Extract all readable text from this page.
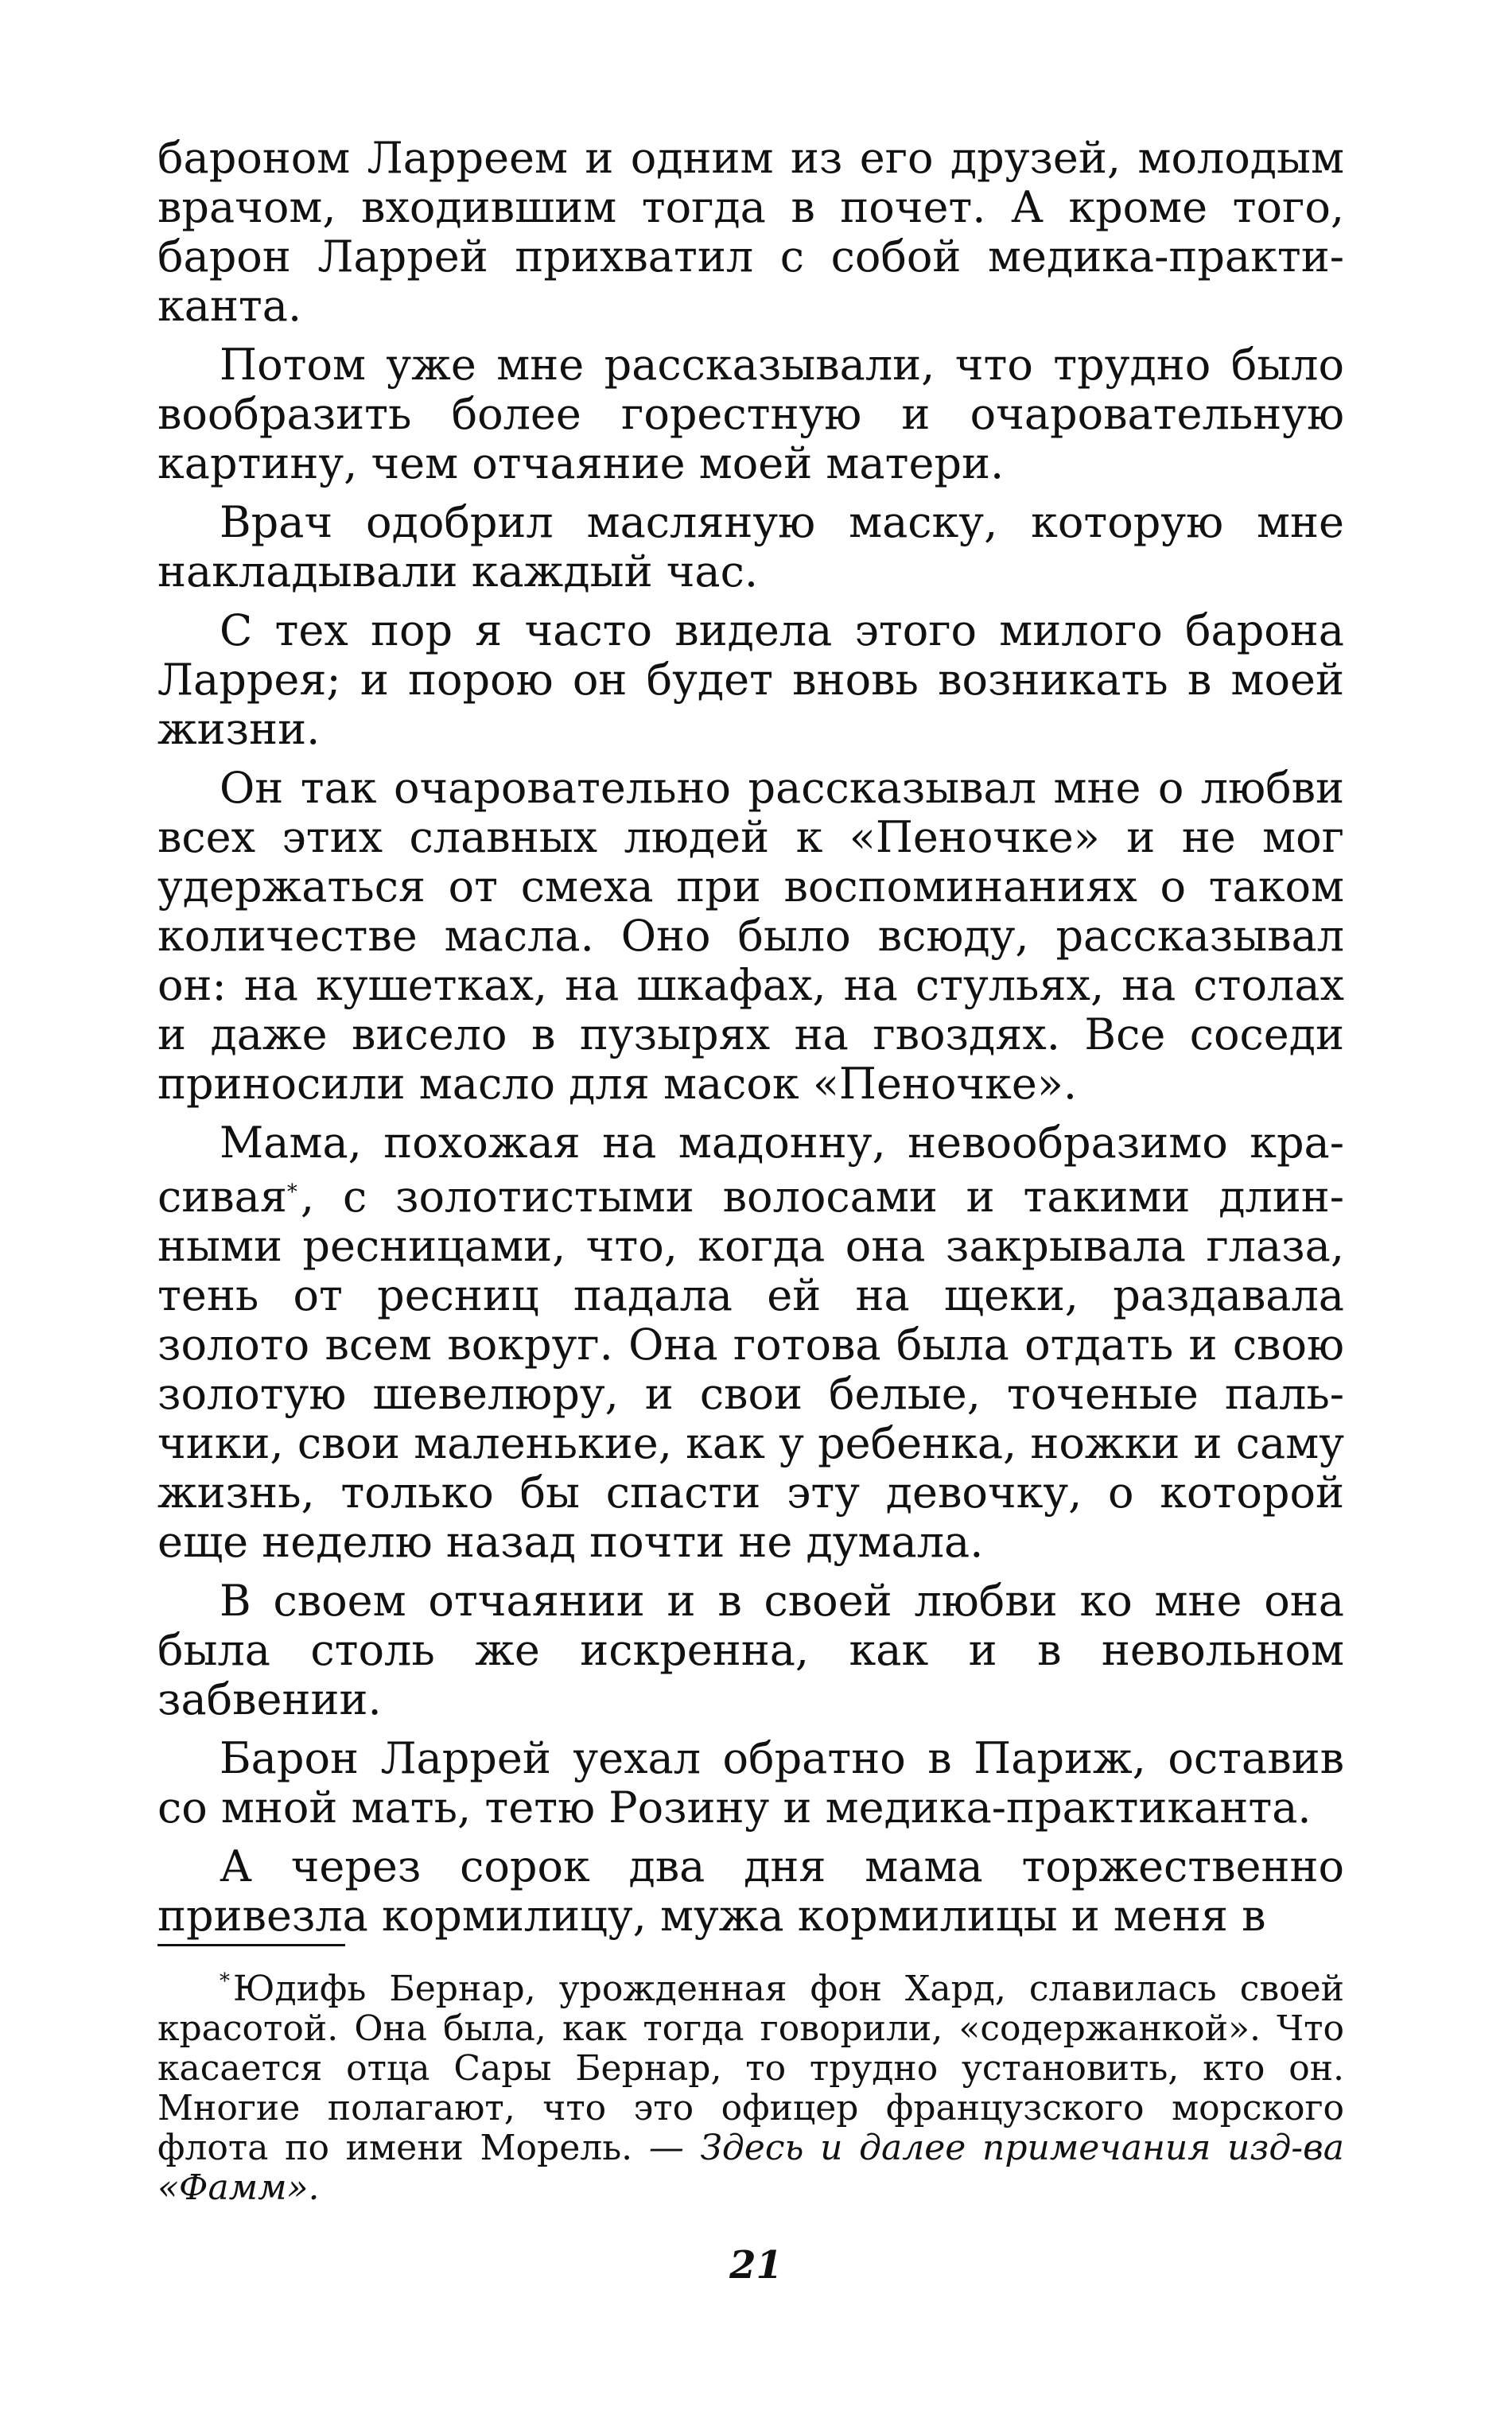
бароном Ларреем и одним из его друзей, молодым врачом, входившим тогда в почет. А кроме того, барон Ларрей прихватил с собой медика-практиканта.

Потом уже мне рассказывали, что трудно было вообразить более горестную и очаровательную картину, чем отчаяние моей матери.

Врач одобрил масляную маску, которую мне накладывали каждый час.

С тех пор я часто видела этого милого барона Ларрея; и порою он будет вновь возникать в моей жизни.

Он так очаровательно рассказывал мне о любви всех этих славных людей к «Пеночке» и не мог удержаться от смеха при воспоминаниях о таком количестве масла. Оно было всюду, рассказывал он: на кушетках, на шкафах, на стульях, на столах и даже висело в пузырях на гвоздях. Все соседи приносили масло для масок «Пеночке».

Мама, похожая на мадонну, невообразимо красивая*, с золотистыми волосами и такими длинными ресницами, что, когда она закрывала глаза, тень от ресниц падала ей на щеки, раздавала золото всем вокруг. Она готова была отдать и свою золотую шевелюру, и свои белые, точеные пальчики, свои маленькие, как у ребенка, ножки и саму жизнь, только бы спасти эту девочку, о которой еще неделю назад почти не думала.

В своем отчаянии и в своей любви ко мне она была столь же искренна, как и в невольном забвении.

Барон Ларрей уехал обратно в Париж, оставив со мной мать, тетю Розину и медика-практиканта.

А через сорок два дня мама торжественно привезла кормилицу, мужа кормилицы и меня в

*Юдифь Бернар, урожденная фон Хард, славилась своей красотой. Она была, как тогда говорили, «содержанкой». Что касается отца Сары Бернар, то трудно установить, кто он. Многие полагают, что это офицер французского морского флота по имени Морель. — Здесь и далее примечания изд-ва «Фамм».

21
